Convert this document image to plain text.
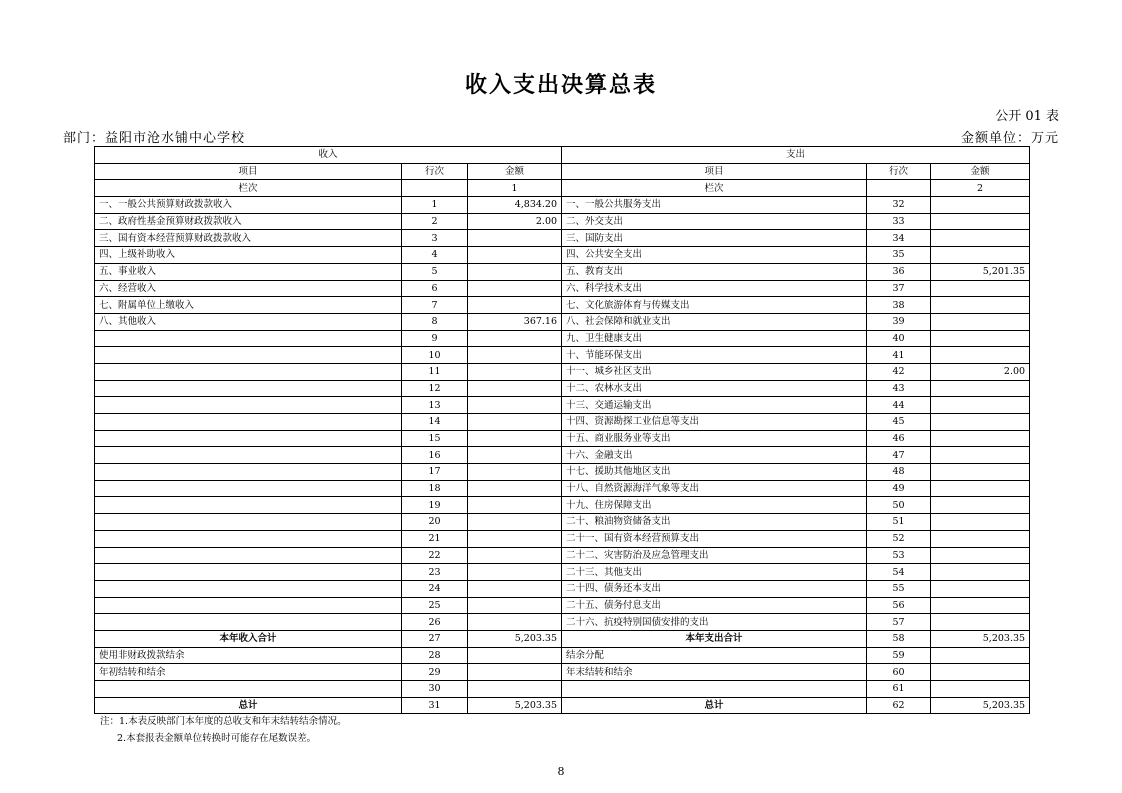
收入支出决算总表
公开 01 表
部门：益阳市沧水铺中心学校	金额单位：万元
收入			支出		
项目	行次	金额	项目	行次	金额
栏次		1	栏次		2
一、一般公共预算财政拨款收入	1	4,834.20	一、一般公共服务支出	32	
二、政府性基金预算财政拨款收入	2	2.00	二、外交支出	33	
三、国有资本经营预算财政拨款收入	3		三、国防支出	34	
四、上级补助收入	4		四、公共安全支出	35	
五、事业收入	5		五、教育支出	36	5,201.35
六、经营收入	6		六、科学技术支出	37	
七、附属单位上缴收入	7		七、文化旅游体育与传媒支出	38	
八、其他收入	8	367.16	八、社会保障和就业支出	39	
	9		九、卫生健康支出	40	
	10		十、节能环保支出	41	
	11		十一、城乡社区支出	42	2.00
	12		十二、农林水支出	43	
	13		十三、交通运输支出	44	
	14		十四、资源勘探工业信息等支出	45	
	15		十五、商业服务业等支出	46	
	16		十六、金融支出	47	
	17		十七、援助其他地区支出	48	
	18		十八、自然资源海洋气象等支出	49	
	19		十九、住房保障支出	50	
	20		二十、粮油物资储备支出	51	
	21		二十一、国有资本经营预算支出	52	
	22		二十二、灾害防治及应急管理支出	53	
	23		二十三、其他支出	54	
	24		二十四、债务还本支出	55	
	25		二十五、债务付息支出	56	
	26		二十六、抗疫特别国债安排的支出	57	
本年收入合计	27	5,203.35	本年支出合计	58	5,203.35
使用非财政拨款结余	28		结余分配	59	
年初结转和结余	29		年末结转和结余	60	
	30			61	
总计	31	5,203.35	总计	62	5,203.35
注：1.本表反映部门本年度的总收支和年末结转结余情况。
2.本套报表金额单位转换时可能存在尾数误差。
8
